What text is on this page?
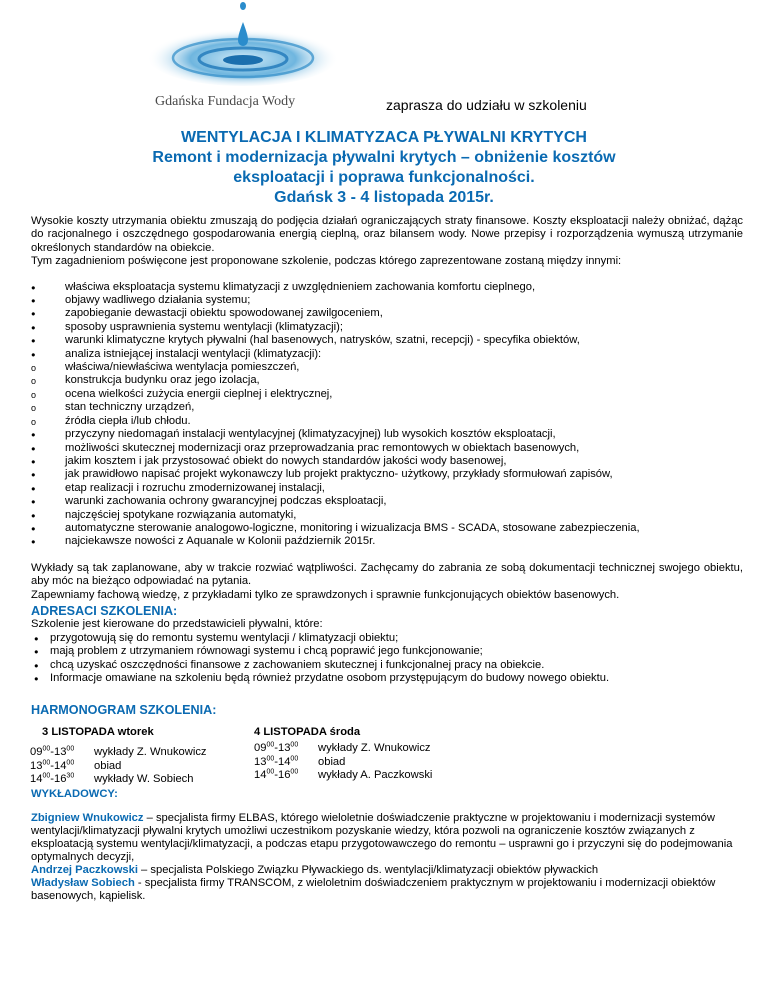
Gdańska Fundacja Wody	zaprasza do udziału w szkoleniu
WENTYLACJA I KLIMATYZACA PŁYWALNI KRYTYCH
Remont i modernizacja pływalni krytych – obniżenie kosztów
eksploatacji i poprawa funkcjonalności.
Gdańsk 3 - 4 listopada 2015r.

Wysokie koszty utrzymania obiektu zmuszają do podjęcia działań ograniczających straty finansowe. Koszty eksploatacji należy obniżać, dążąc do racjonalnego i oszczędnego gospodarowania energią cieplną, oraz bilansem wody. Nowe przepisy i rozporządzenia wymuszą utrzymanie określonych standardów na obiekcie.

Tym zagadnieniom poświęcone jest proponowane szkolenie, podczas którego zaprezentowane zostaną między innymi:

● właściwa eksploatacja systemu klimatyzacji z uwzględnieniem zachowania komfortu cieplnego,
● objawy wadliwego działania systemu;
● zapobieganie dewastacji obiektu spowodowanej zawilgoceniem,
● sposoby usprawnienia systemu wentylacji (klimatyzacji);
● warunki klimatyczne krytych pływalni (hal basenowych, natrysków, szatni, recepcji) - specyfika obiektów,
● analiza istniejącej instalacji wentylacji (klimatyzacji):
o właściwa/niewłaściwa wentylacja pomieszczeń,
o konstrukcja budynku oraz jego izolacja,
o ocena wielkości zużycia energii cieplnej i elektrycznej,
o stan techniczny urządzeń,
o źródła ciepła i/lub chłodu.
● przyczyny niedomagań instalacji wentylacyjnej (klimatyzacyjnej) lub wysokich kosztów eksploatacji,
● możliwości skutecznej modernizacji oraz przeprowadzania prac remontowych w obiektach basenowych,
● jakim kosztem i jak przystosować obiekt do nowych standardów jakości wody basenowej,
● jak prawidłowo napisać projekt wykonawczy lub projekt praktyczno- użytkowy, przykłady sformułowań zapisów,
● etap realizacji i rozruchu zmodernizowanej instalacji,
● warunki zachowania ochrony gwarancyjnej podczas eksploatacji,
● najczęściej spotykane rozwiązania automatyki,
● automatyczne sterowanie analogowo-logiczne, monitoring i wizualizacja BMS - SCADA, stosowane zabezpieczenia,
● najciekawsze nowości z Aquanale w Kolonii październik 2015r.

Wykłady są tak zaplanowane, aby w trakcie rozwiać wątpliwości. Zachęcamy do zabrania ze sobą dokumentacji technicznej swojego obiektu, aby móc na bieżąco odpowiadać na pytania.

Zapewniamy fachową wiedzę, z przykładami tylko ze sprawdzonych i sprawnie funkcjonujących obiektów basenowych.

ADRESACI SZKOLENIA:
Szkolenie jest kierowane do przedstawicieli pływalni, które:
● przygotowują się do remontu systemu wentylacji / klimatyzacji obiektu;
● mają problem z utrzymaniem równowagi systemu i chcą poprawić jego funkcjonowanie;
● chcą uzyskać oszczędności finansowe z zachowaniem skutecznej i funkcjonalnej pracy na obiekcie.
● Informacje omawiane na szkoleniu będą również przydatne osobom przystępującym do budowy nowego obiektu.
HARMONOGRAM SZKOLENIA:
3 LISTOPADA wtorek
$09^{00}-13^{00}$ wykłady Z. Wnukowicz
$13^{00}-14^{00}$ obiad
$14^{00}-16^{30}$ wykłady W. Sobiech
4 LISTOPADA środa
$09^{00}-13^{00}$ wykłady Z. Wnukowicz
$13^{00}-14^{00}$ obiad
$14^{00}-16^{00}$ wykłady A. Paczkowski
WYKŁADOWCY:
Zbigniew Wnukowicz – specjalista firmy ELBAS, którego wieloletnie doświadczenie praktyczne w projektowaniu i modernizacji systemów wentylacji/klimatyzacji pływalni krytych umożliwi uczestnikom pozyskanie wiedzy, która pozwoli na ograniczenie kosztów związanych z eksploatacją systemu wentylacji/klimatyzacji, a podczas etapu przygotowawczego do remontu – usprawni go i przyczyni się do podejmowania optymalnych decyzji,
Andrzej Paczkowski – specjalista Polskiego Związku Pływackiego ds. wentylacji/klimatyzacji obiektów pływackich
Władysław Sobiech - specjalista firmy TRANSCOM, z wieloletnim doświadczeniem praktycznym w projektowaniu i modernizacji obiektów basenowych, kąpielisk.
